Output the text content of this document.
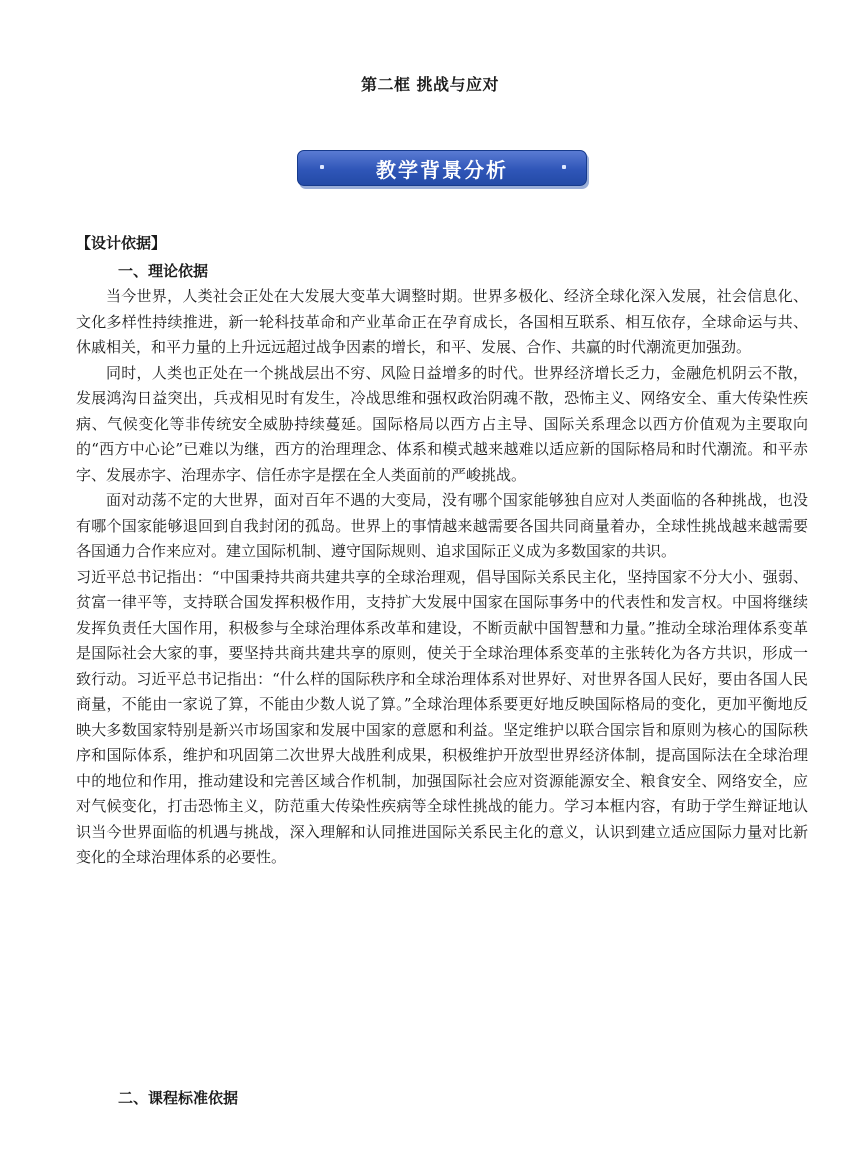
第二框 挑战与应对
教学背景分析
【设计依据】
一、理论依据

当今世界，人类社会正处在大发展大变革大调整时期。世界多极化、经济全球化深入发展，社会信息化、文化多样性持续推进，新一轮科技革命和产业革命正在孕育成长，各国相互联系、相互依存，全球命运与共、休戚相关，和平力量的上升远远超过战争因素的增长，和平、发展、合作、共赢的时代潮流更加强劲。

同时，人类也正处在一个挑战层出不穷、风险日益增多的时代。世界经济增长乏力，金融危机阴云不散，发展鸿沟日益突出，兵戎相见时有发生，冷战思维和强权政治阴魂不散，恐怖主义、网络安全、重大传染性疾病、气候变化等非传统安全威胁持续蔓延。国际格局以西方占主导、国际关系理念以西方价值观为主要取向的“西方中心论”已难以为继，西方的治理理念、体系和模式越来越难以适应新的国际格局和时代潮流。和平赤字、发展赤字、治理赤字、信任赤字是摆在全人类面前的严峻挑战。

面对动荡不定的大世界，面对百年不遇的大变局，没有哪个国家能够独自应对人类面临的各种挑战，也没有哪个国家能够退回到自我封闭的孤岛。世界上的事情越来越需要各国共同商量着办，全球性挑战越来越需要各国通力合作来应对。建立国际机制、遵守国际规则、追求国际正义成为多数国家的共识。

习近平总书记指出：“中国秉持共商共建共享的全球治理观，倡导国际关系民主化，坚持国家不分大小、强弱、贫富一律平等，支持联合国发挥积极作用，支持扩大发展中国家在国际事务中的代表性和发言权。中国将继续发挥负责任大国作用，积极参与全球治理体系改革和建设，不断贡献中国智慧和力量。”推动全球治理体系变革是国际社会大家的事，要坚持共商共建共享的原则，使关于全球治理体系变革的主张转化为各方共识，形成一致行动。习近平总书记指出：“什么样的国际秩序和全球治理体系对世界好、对世界各国人民好，要由各国人民商量，不能由一家说了算，不能由少数人说了算。”全球治理体系要更好地反映国际格局的变化，更加平衡地反映大多数国家特别是新兴市场国家和发展中国家的意愿和利益。坚定维护以联合国宗旨和原则为核心的国际秩序和国际体系，维护和巩固第二次世界大战胜利成果，积极维护开放型世界经济体制，提高国际法在全球治理中的地位和作用，推动建设和完善区域合作机制，加强国际社会应对资源能源安全、粮食安全、网络安全，应对气候变化，打击恐怖主义，防范重大传染性疾病等全球性挑战的能力。学习本框内容，有助于学生辩证地认识当今世界面临的机遇与挑战，深入理解和认同推进国际关系民主化的意义，认识到建立适应国际力量对比新变化的全球治理体系的必要性。

二、课程标准依据
